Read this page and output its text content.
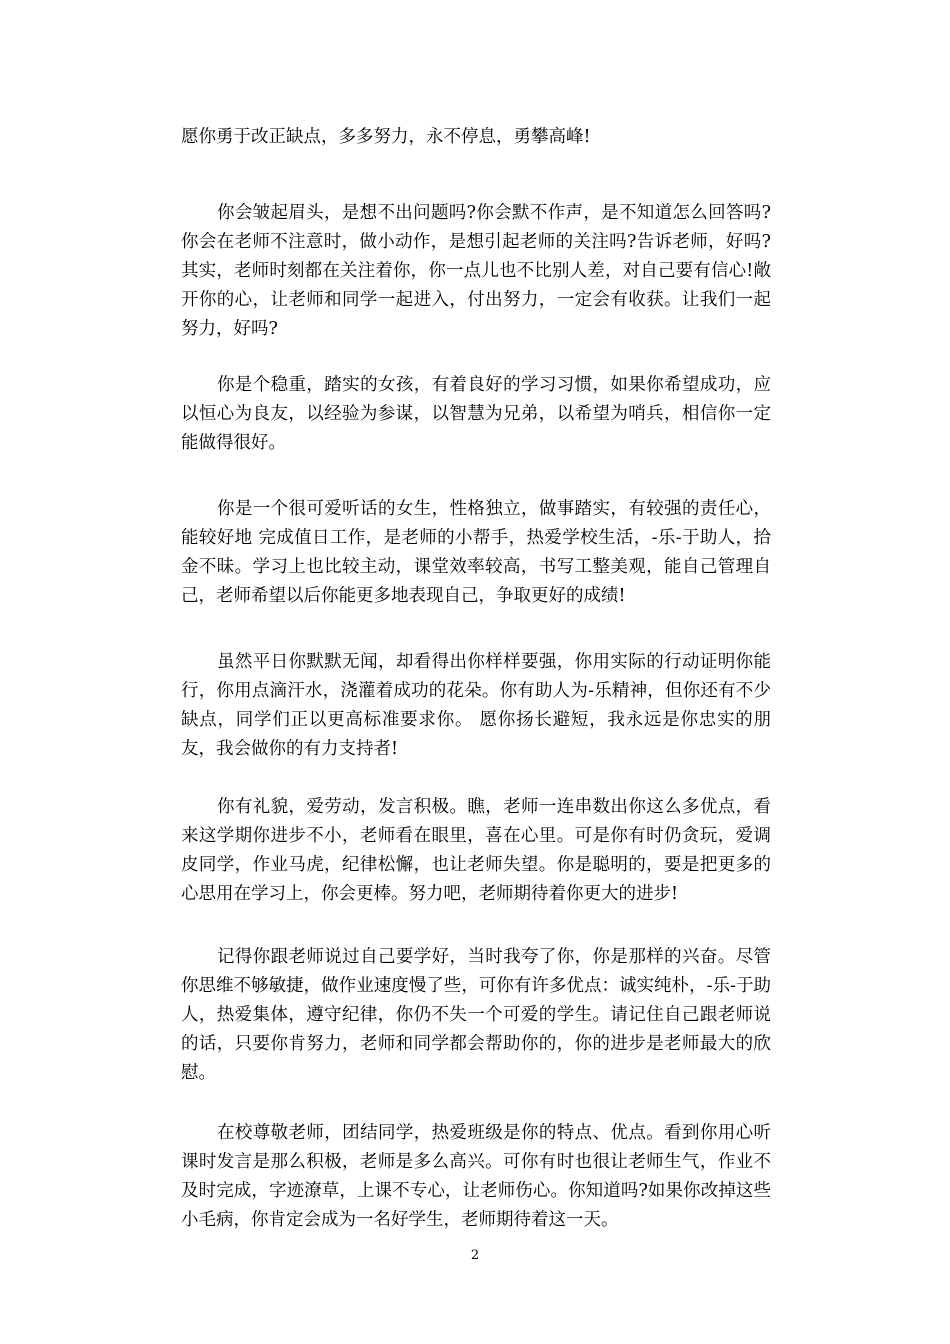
愿你勇于改正缺点，多多努力，永不停息，勇攀高峰!

你会皱起眉头，是想不出问题吗?你会默不作声，是不知道怎么回答吗?你会在老师不注意时，做小动作，是想引起老师的关注吗?告诉老师，好吗?其实，老师时刻都在关注着你，你一点儿也不比别人差，对自己要有信心!敞开你的心，让老师和同学一起进入，付出努力，一定会有收获。让我们一起努力，好吗?

你是个稳重，踏实的女孩，有着良好的学习习惯，如果你希望成功，应以恒心为良友，以经验为参谋，以智慧为兄弟，以希望为哨兵，相信你一定能做得很好。

你是一个很可爱听话的女生，性格独立，做事踏实，有较强的责任心，能较好地 完成值日工作，是老师的小帮手，热爱学校生活，-乐-于助人，拾金不昧。学习上也比较主动，课堂效率较高，书写工整美观，能自己管理自己，老师希望以后你能更多地表现自己，争取更好的成绩!

虽然平日你默默无闻，却看得出你样样要强，你用实际的行动证明你能行，你用点滴汗水，浇灌着成功的花朵。你有助人为-乐精神，但你还有不少缺点，同学们正以更高标准要求你。 愿你扬长避短，我永远是你忠实的朋友，我会做你的有力支持者!

你有礼貌，爱劳动，发言积极。瞧，老师一连串数出你这么多优点，看来这学期你进步不小，老师看在眼里，喜在心里。可是你有时仍贪玩，爱调皮同学，作业马虎，纪律松懈，也让老师失望。你是聪明的，要是把更多的心思用在学习上，你会更棒。努力吧，老师期待着你更大的进步!

记得你跟老师说过自己要学好，当时我夸了你，你是那样的兴奋。尽管你思维不够敏捷，做作业速度慢了些，可你有许多优点：诚实纯朴，-乐-于助人，热爱集体，遵守纪律，你仍不失一个可爱的学生。请记住自己跟老师说的话，只要你肯努力，老师和同学都会帮助你的，你的进步是老师最大的欣慰。

在校尊敬老师，团结同学，热爱班级是你的特点、优点。看到你用心听课时发言是那么积极，老师是多么高兴。可你有时也很让老师生气，作业不及时完成，字迹潦草，上课不专心，让老师伤心。你知道吗?如果你改掉这些小毛病，你肯定会成为一名好学生，老师期待着这一天。

2
